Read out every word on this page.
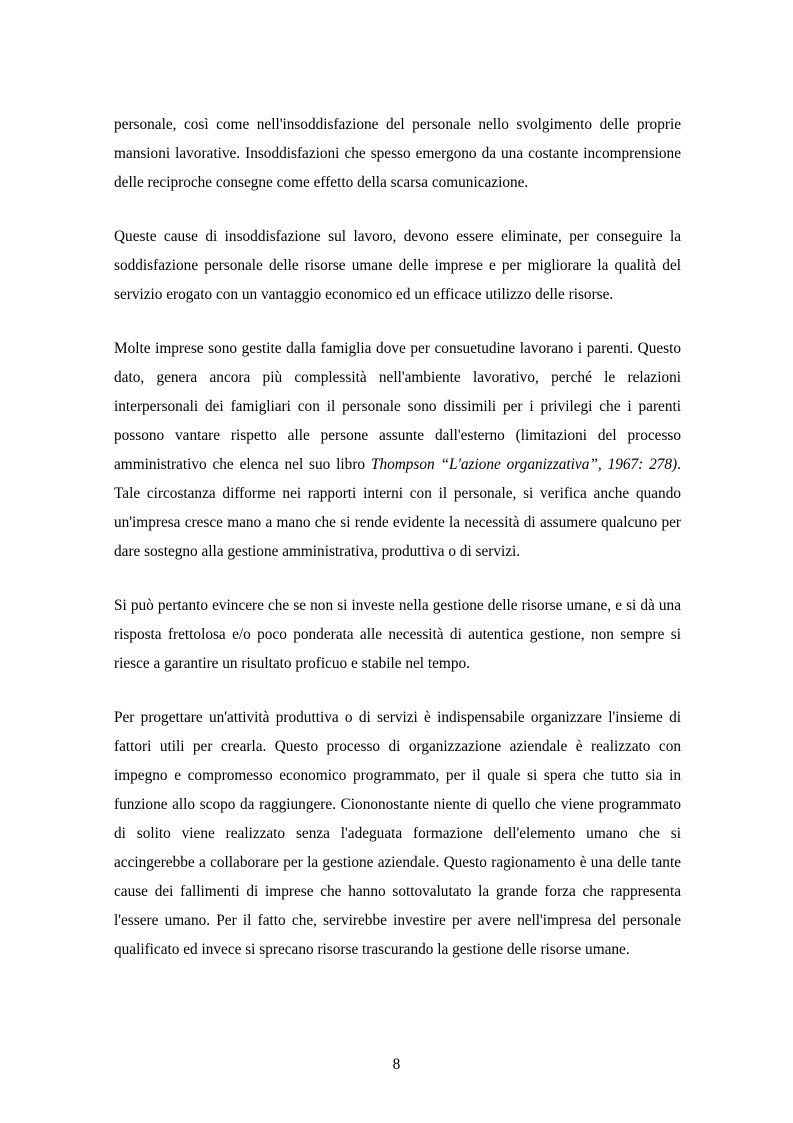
personale, così come nell'insoddisfazione del personale nello svolgimento delle proprie mansioni lavorative. Insoddisfazioni che spesso emergono da una costante incomprensione delle reciproche consegne come effetto della scarsa comunicazione.

Queste cause di insoddisfazione sul lavoro, devono essere eliminate, per conseguire la soddisfazione personale delle risorse umane delle imprese e per migliorare la qualità del servizio erogato con un vantaggio economico ed un efficace utilizzo delle risorse.

Molte imprese sono gestite dalla famiglia dove per consuetudine lavorano i parenti. Questo dato, genera ancora più complessità nell'ambiente lavorativo, perché le relazioni interpersonali dei famigliari con il personale sono dissimili per i privilegi che i parenti possono vantare rispetto alle persone assunte dall'esterno (limitazioni del processo amministrativo che elenca nel suo libro Thompson “L'azione organizzativa”, 1967: 278). Tale circostanza difforme nei rapporti interni con il personale, si verifica anche quando un'impresa cresce mano a mano che si rende evidente la necessità di assumere qualcuno per dare sostegno alla gestione amministrativa, produttiva o di servizi.

Si può pertanto evincere che se non si investe nella gestione delle risorse umane, e si dà una risposta frettolosa e/o poco ponderata alle necessità di autentica gestione, non sempre si riesce a garantire un risultato proficuo e stabile nel tempo.

Per progettare un'attività produttiva o di servizi è indispensabile organizzare l'insieme di fattori utili per crearla. Questo processo di organizzazione aziendale è realizzato con impegno e compromesso economico programmato, per il quale si spera che tutto sia in funzione allo scopo da raggiungere. Ciononostante niente di quello che viene programmato di solito viene realizzato senza l'adeguata formazione dell'elemento umano che si accingerebbe a collaborare per la gestione aziendale. Questo ragionamento è una delle tante cause dei fallimenti di imprese che hanno sottovalutato la grande forza che rappresenta l'essere umano. Per il fatto che, servirebbe investire per avere nell'impresa del personale qualificato ed invece si sprecano risorse trascurando la gestione delle risorse umane.

8
